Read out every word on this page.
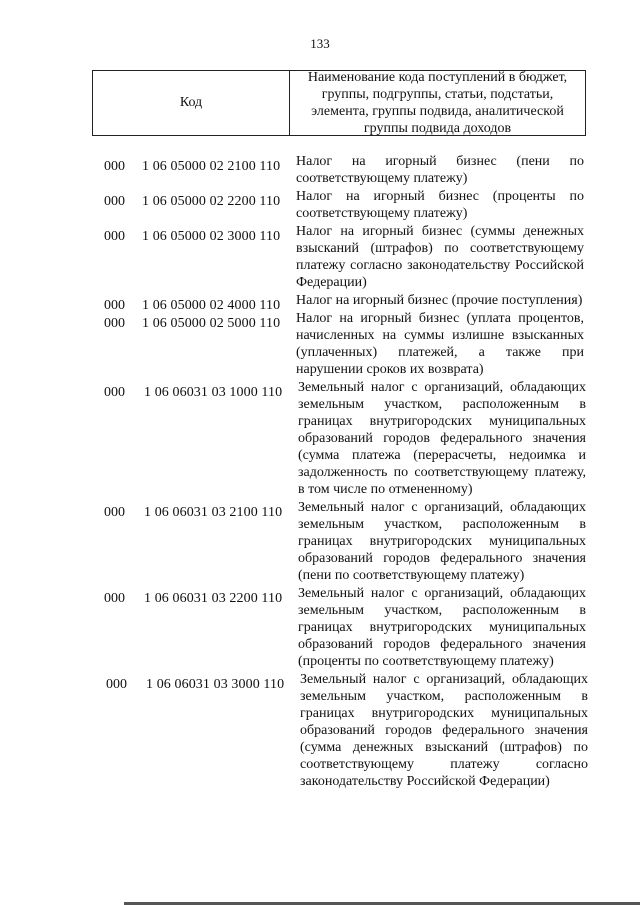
133
Код
Наименование кода поступлений в бюджет, группы, подгруппы, статьи, подстатьи, элемента, группы подвида, аналитической группы подвида доходов
000 1 06 05000 02 2100 110 Налог на игорный бизнес (пени по соответствующему платежу)
000 1 06 05000 02 2200 110 Налог на игорный бизнес (проценты по соответствующему платежу)
000 1 06 05000 02 3000 110 Налог на игорный бизнес (суммы денежных взысканий (штрафов) по соответствующему платежу согласно законодательству Российской Федерации)
000 1 06 05000 02 4000 110 Налог на игорный бизнес (прочие поступления)
000 1 06 05000 02 5000 110 Налог на игорный бизнес (уплата процентов, начисленных на суммы излишне взысканных (уплаченных) платежей, а также при нарушении сроков их возврата)
000 1 06 06031 03 1000 110 Земельный налог с организаций, обладающих земельным участком, расположенным в границах внутригородских муниципальных образований городов федерального значения (сумма платежа (перерасчеты, недоимка и задолженность по соответствующему платежу, в том числе по отмененному)
000 1 06 06031 03 2100 110 Земельный налог с организаций, обладающих земельным участком, расположенным в границах внутригородских муниципальных образований городов федерального значения (пени по соответствующему платежу)
000 1 06 06031 03 2200 110 Земельный налог с организаций, обладающих земельным участком, расположенным в границах внутригородских муниципальных образований городов федерального значения (проценты по соответствующему платежу)
000 1 06 06031 03 3000 110 Земельный налог с организаций, обладающих земельным участком, расположенным в границах внутригородских муниципальных образований городов федерального значения (сумма денежных взысканий (штрафов) по соответствующему платежу согласно законодательству Российской Федерации)
